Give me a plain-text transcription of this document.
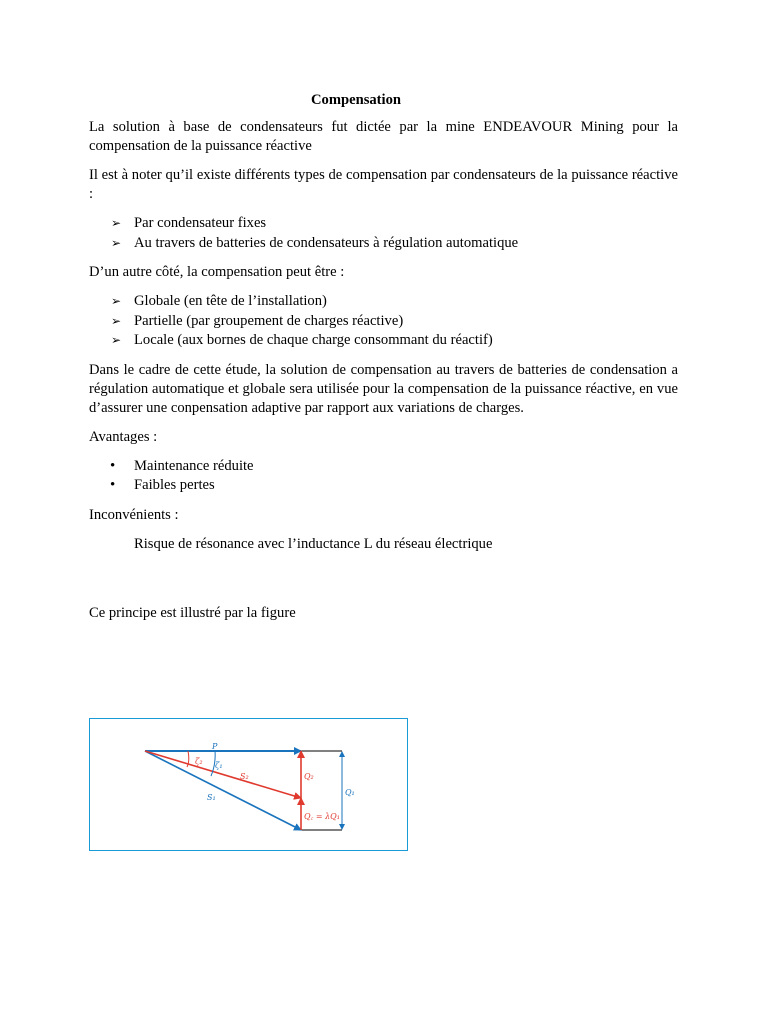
Compensation

La solution à base de condensateurs fut dictée par la mine ENDEAVOUR Mining pour la compensation de la puissance réactive

Il est à noter qu’il existe différents types de compensation par condensateurs de la puissance réactive :

➢ Par condensateur fixes
➢ Au travers de batteries de condensateurs à régulation automatique

D’un autre côté, la compensation peut être :

➢ Globale (en tête de l’installation)
➢ Partielle (par groupement de charges réactive)
➢ Locale (aux bornes de chaque charge consommant du réactif)

Dans le cadre de cette étude, la solution de compensation au travers de batteries de condensation a régulation automatique et globale sera utilisée pour la compensation de la puissance réactive, en vue d’assurer une conpensation adaptive par rapport aux variations de charges.

Avantages :

• Maintenance réduite
• Faibles pertes

Inconvénients :

Risque de résonance avec l’inductance L du réseau électrique

Ce principe est illustré par la figure

P
ζ₂ ζ₁
S₂
S₁
Q₂
Q₁
Q꜀ = λQ₁
